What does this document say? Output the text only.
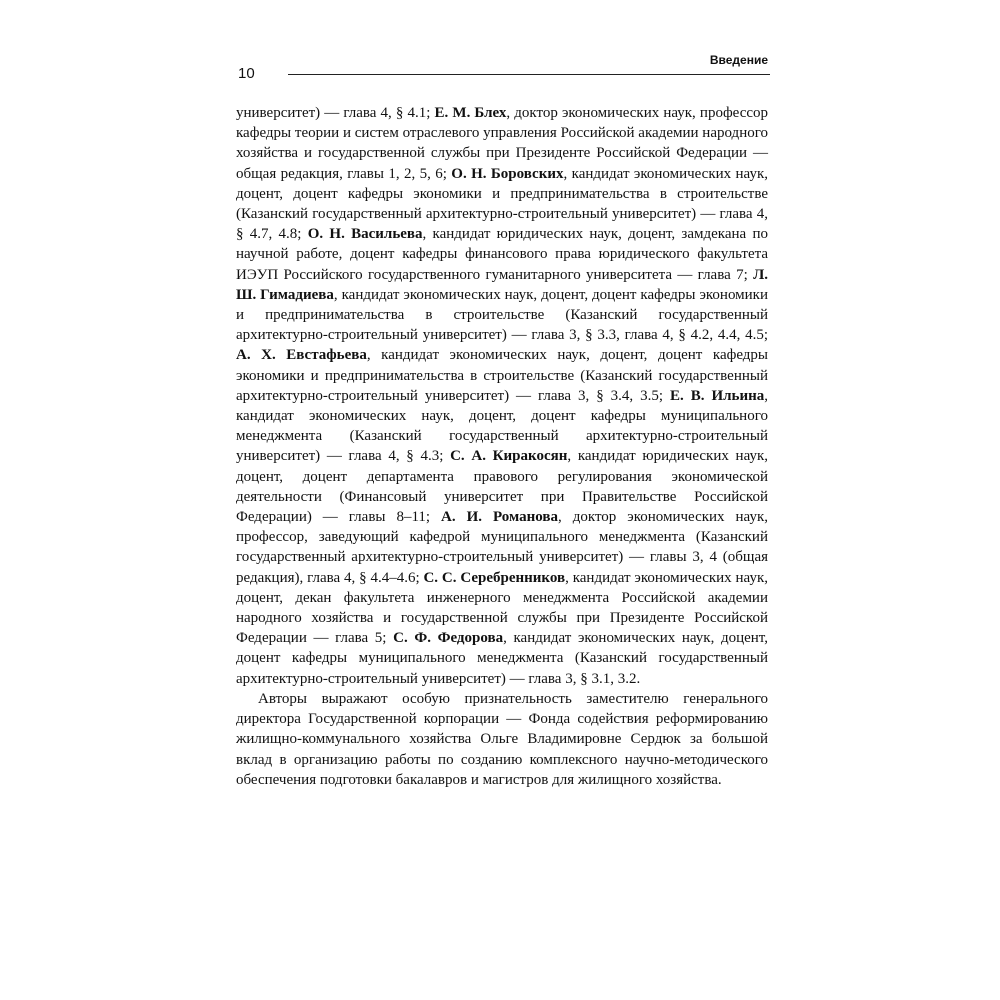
10
Введение

университет) — глава 4, § 4.1; Е. М. Блех, доктор экономических наук, профессор кафедры теории и систем отраслевого управления Российской академии народного хозяйства и государственной службы при Президенте Российской Федерации — общая редакция, главы 1, 2, 5, 6; О. Н. Боровских, кандидат экономических наук, доцент, доцент кафедры экономики и предпринимательства в строительстве (Казанский государственный архитектурно-строительный университет) — глава 4, § 4.7, 4.8; О. Н. Васильева, кандидат юридических наук, доцент, замдекана по научной работе, доцент кафедры финансового права юридического факультета ИЭУП Российского государственного гуманитарного университета — глава 7; Л. Ш. Гимадиева, кандидат экономических наук, доцент, доцент кафедры экономики и предпринимательства в строительстве (Казанский государственный архитектурно-строительный университет) — глава 3, § 3.3, глава 4, § 4.2, 4.4, 4.5; А. Х. Евстафьева, кандидат экономических наук, доцент, доцент кафедры экономики и предпринимательства в строительстве (Казанский государственный архитектурно-строительный университет) — глава 3, § 3.4, 3.5; Е. В. Ильина, кандидат экономических наук, доцент, доцент кафедры муниципального менеджмента (Казанский государственный архитектурно-строительный университет) — глава 4, § 4.3; С. А. Киракосян, кандидат юридических наук, доцент, доцент департамента правового регулирования экономической деятельности (Финансовый университет при Правительстве Российской Федерации) — главы 8–11; А. И. Романова, доктор экономических наук, профессор, заведующий кафедрой муниципального менеджмента (Казанский государственный архитектурно-строительный университет) — главы 3, 4 (общая редакция), глава 4, § 4.4–4.6; С. С. Серебренников, кандидат экономических наук, доцент, декан факультета инженерного менеджмента Российской академии народного хозяйства и государственной службы при Президенте Российской Федерации — глава 5; С. Ф. Федорова, кандидат экономических наук, доцент, доцент кафедры муниципального менеджмента (Казанский государственный архитектурно-строительный университет) — глава 3, § 3.1, 3.2.

Авторы выражают особую признательность заместителю генерального директора Государственной корпорации — Фонда содействия реформированию жилищно-коммунального хозяйства Ольге Владимировне Сердюк за большой вклад в организацию работы по созданию комплексного научно-методического обеспечения подготовки бакалавров и магистров для жилищного хозяйства.
